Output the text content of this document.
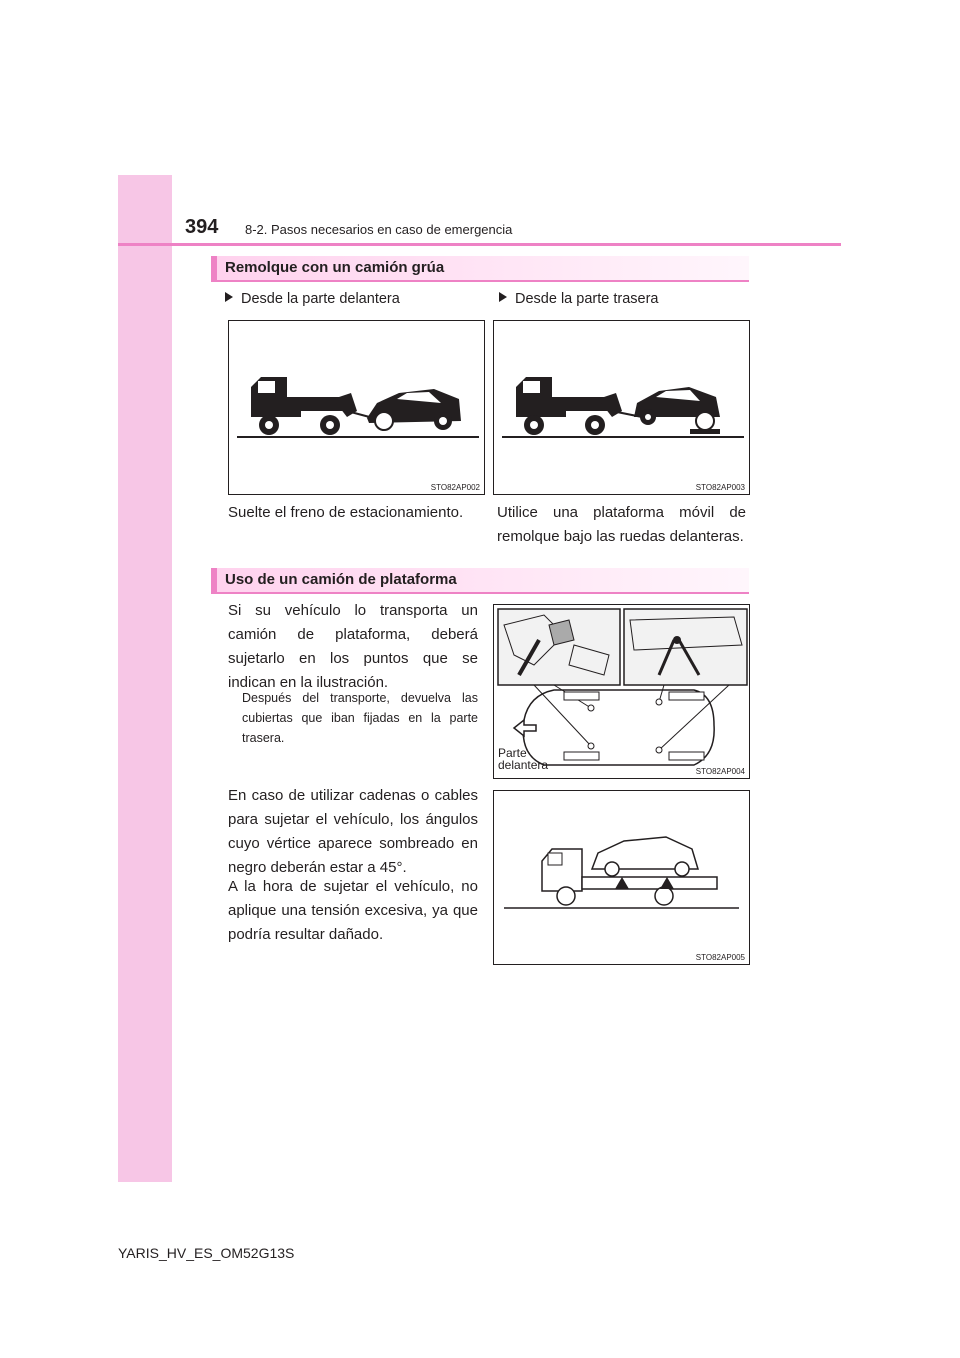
394 8-2. Pasos necesarios en caso de emergencia
Remolque con un camión grúa
Desde la parte delantera	Desde la parte trasera
STO82AP002	STO82AP003
Suelte el freno de estacionamiento.	Utilice una plataforma móvil de remolque bajo las ruedas delanteras.
Uso de un camión de plataforma
Si su vehículo lo transporta un camión de plataforma, deberá sujetarlo en los puntos que se indican en la ilustración.
Después del transporte, devuelva las cubiertas que iban fijadas en la parte trasera.
Parte delantera	STO82AP004
En caso de utilizar cadenas o cables para sujetar el vehículo, los ángulos cuyo vértice aparece sombreado en negro deberán estar a 45°.
A la hora de sujetar el vehículo, no aplique una tensión excesiva, ya que podría resultar dañado.
STO82AP005
YARIS_HV_ES_OM52G13S
